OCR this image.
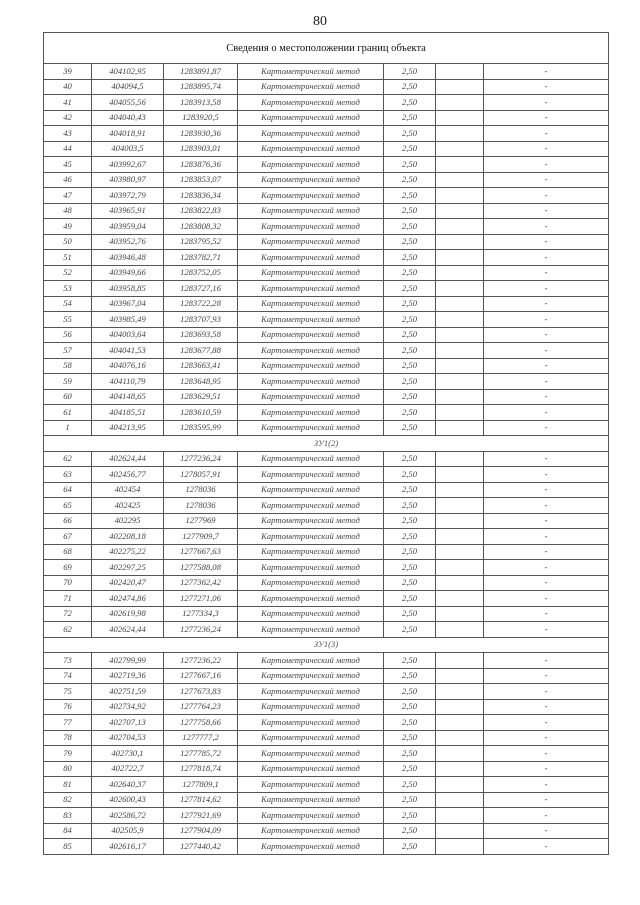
80
Сведения о местоположении границ объекта						
39	404102,95	1283891,87	Картометрический метод	2,50		-
40	404094,5	1283895,74	Картометрический метод	2,50		-
41	404055,56	1283913,58	Картометрический метод	2,50		-
42	404040,43	1283920,5	Картометрический метод	2,50		-
43	404018,91	1283930,36	Картометрический метод	2,50		-
44	404003,5	1283903,01	Картометрический метод	2,50		-
45	403992,67	1283876,36	Картометрический метод	2,50		-
46	403980,97	1283853,07	Картометрический метод	2,50		-
47	403972,79	1283836,34	Картометрический метод	2,50		-
48	403965,91	1283822,83	Картометрический метод	2,50		-
49	403959,04	1283808,32	Картометрический метод	2,50		-
50	403952,76	1283795,52	Картометрический метод	2,50		-
51	403946,48	1283782,71	Картометрический метод	2,50		-
52	403949,66	1283752,05	Картометрический метод	2,50		-
53	403958,85	1283727,16	Картометрический метод	2,50		-
54	403967,04	1283722,28	Картометрический метод	2,50		-
55	403985,49	1283707,93	Картометрический метод	2,50		-
56	404003,64	1283693,58	Картометрический метод	2,50		-
57	404041,53	1283677,88	Картометрический метод	2,50		-
58	404076,16	1283663,41	Картометрический метод	2,50		-
59	404110,79	1283648,95	Картометрический метод	2,50		-
60	404148,65	1283629,51	Картометрический метод	2,50		-
61	404185,51	1283610,59	Картометрический метод	2,50		-
1	404213,95	1283595,99	Картометрический метод	2,50		-
ЗУ1(2)						
62	402624,44	1277236,24	Картометрический метод	2,50		-
63	402456,77	1278057,91	Картометрический метод	2,50		-
64	402454	1278036	Картометрический метод	2,50		-
65	402425	1278036	Картометрический метод	2,50		-
66	402295	1277969	Картометрический метод	2,50		-
67	402208,18	1277909,7	Картометрический метод	2,50		-
68	402275,22	1277667,63	Картометрический метод	2,50		-
69	402297,25	1277588,08	Картометрический метод	2,50		-
70	402420,47	1277362,42	Картометрический метод	2,50		-
71	402474,86	1277271,06	Картометрический метод	2,50		-
72	402619,98	1277334,3	Картометрический метод	2,50		-
62	402624,44	1277236,24	Картометрический метод	2,50		-
ЗУ1(3)						
73	402799,99	1277236,22	Картометрический метод	2,50		-
74	402719,36	1277667,16	Картометрический метод	2,50		-
75	402751,59	1277673,83	Картометрический метод	2,50		-
76	402734,92	1277764,23	Картометрический метод	2,50		-
77	402707,13	1277758,66	Картометрический метод	2,50		-
78	402704,53	1277777,2	Картометрический метод	2,50		-
79	402730,1	1277785,72	Картометрический метод	2,50		-
80	402722,7	1277818,74	Картометрический метод	2,50		-
81	402640,37	1277809,1	Картометрический метод	2,50		-
82	402600,43	1277814,62	Картометрический метод	2,50		-
83	402586,72	1277921,69	Картометрический метод	2,50		-
84	402505,9	1277904,09	Картометрический метод	2,50		-
85	402616,17	1277440,42	Картометрический метод	2,50		-
